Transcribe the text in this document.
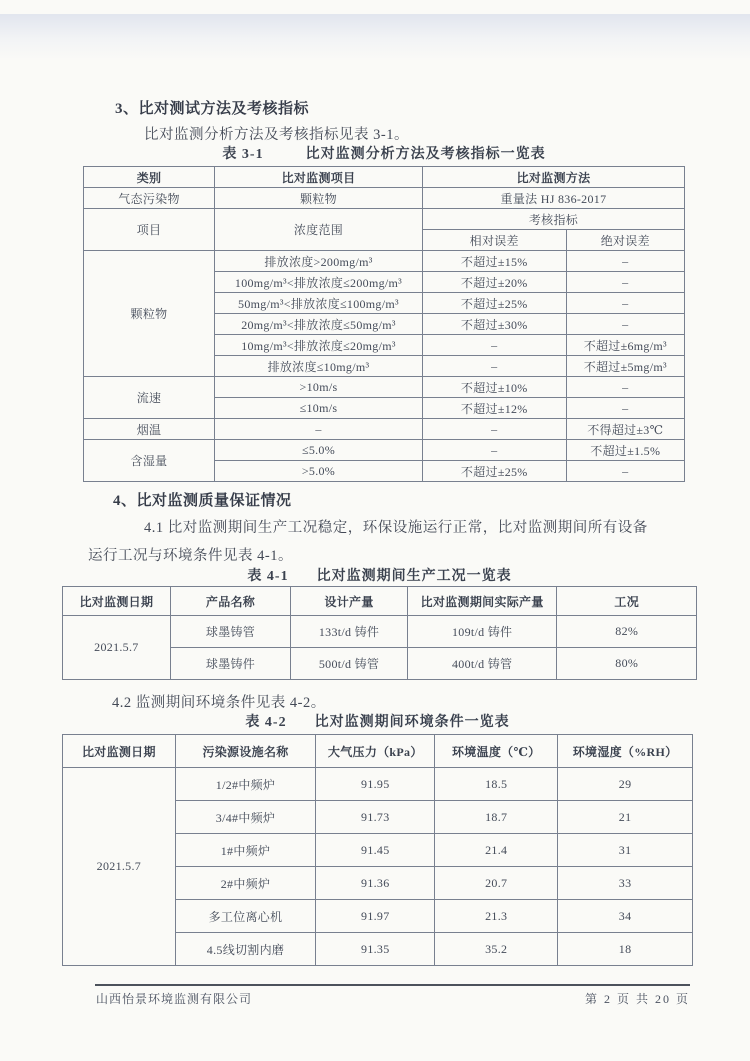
3、比对测试方法及考核指标
比对监测分析方法及考核指标见表 3-1。
表 3-1	比对监测分析方法及考核指标一览表
类别	比对监测项目	比对监测方法	
气态污染物	颗粒物	重量法 HJ 836-2017	
项目	浓度范围	考核指标	
		相对误差	绝对误差
颗粒物	排放浓度>200mg/m³	不超过±15%	–
	100mg/m³<排放浓度≤200mg/m³	不超过±20%	–
	50mg/m³<排放浓度≤100mg/m³	不超过±25%	–
	20mg/m³<排放浓度≤50mg/m³	不超过±30%	–
	10mg/m³<排放浓度≤20mg/m³	–	不超过±6mg/m³
	排放浓度≤10mg/m³	–	不超过±5mg/m³
流速	>10m/s	不超过±10%	–
	≤10m/s	不超过±12%	–
烟温	–	–	不得超过±3℃
含湿量	≤5.0%	–	不超过±1.5%
	>5.0%	不超过±25%	–
4、比对监测质量保证情况
4.1 比对监测期间生产工况稳定，环保设施运行正常，比对监测期间所有设备
运行工况与环境条件见表 4-1。
表 4-1 比对监测期间生产工况一览表
比对监测日期	产品名称	设计产量	比对监测期间实际产量	工况
2021.5.7	球墨铸管	133t/d 铸件	109t/d 铸件	82%
	球墨铸件	500t/d 铸管	400t/d 铸管	80%
4.2 监测期间环境条件见表 4-2。
表 4-2 比对监测期间环境条件一览表
比对监测日期	污染源设施名称	大气压力（kPa）	环境温度（℃）	环境湿度（%RH）
2021.5.7	1/2#中频炉	91.95	18.5	29
	3/4#中频炉	91.73	18.7	21
	1#中频炉	91.45	21.4	31
	2#中频炉	91.36	20.7	33
	多工位离心机	91.97	21.3	34
	4.5线切割内磨	91.35	35.2	18
山西怡景环境监测有限公司	第 2 页 共 20 页
